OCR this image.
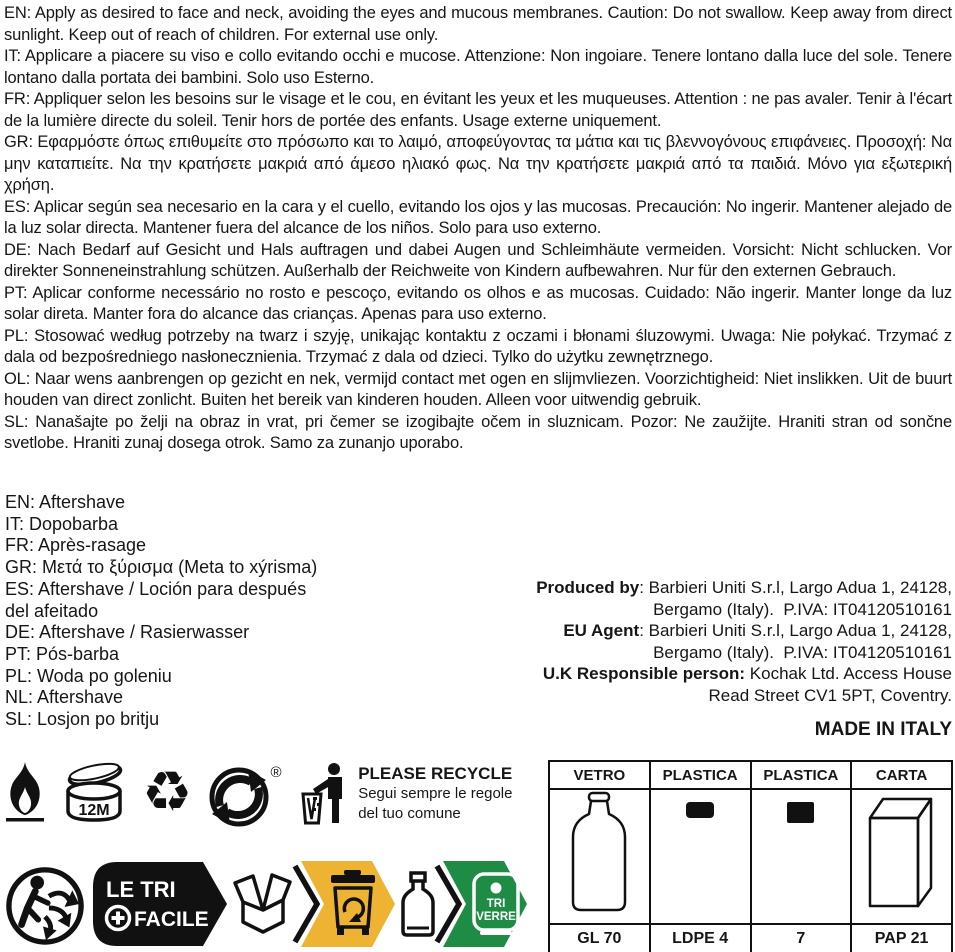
EN: Apply as desired to face and neck, avoiding the eyes and mucous membranes. Caution: Do not swallow. Keep away from direct sunlight. Keep out of reach of children. For external use only.

IT: Applicare a piacere su viso e collo evitando occhi e mucose. Attenzione: Non ingoiare. Tenere lontano dalla luce del sole. Tenere lontano dalla portata dei bambini. Solo uso Esterno.

FR: Appliquer selon les besoins sur le visage et le cou, en évitant les yeux et les muqueuses. Attention : ne pas avaler. Tenir à l'écart de la lumière directe du soleil. Tenir hors de portée des enfants. Usage externe uniquement.

GR: Εφαρμόστε όπως επιθυμείτε στο πρόσωπο και το λαιμό, αποφεύγοντας τα μάτια και τις βλεννογόνους επιφάνειες. Προσοχή: Να μην καταπιείτε. Να την κρατήσετε μακριά από άμεσο ηλιακό φως. Να την κρατήσετε μακριά από τα παιδιά. Μόνο για εξωτερική χρήση.

ES: Aplicar según sea necesario en la cara y el cuello, evitando los ojos y las mucosas. Precaución: No ingerir. Mantener alejado de la luz solar directa. Mantener fuera del alcance de los niños. Solo para uso externo.

DE: Nach Bedarf auf Gesicht und Hals auftragen und dabei Augen und Schleimhäute vermeiden. Vorsicht: Nicht schlucken. Vor direkter Sonneneinstrahlung schützen. Außerhalb der Reichweite von Kindern aufbewahren. Nur für den externen Gebrauch.

PT: Aplicar conforme necessário no rosto e pescoço, evitando os olhos e as mucosas. Cuidado: Não ingerir. Manter longe da luz solar direta. Manter fora do alcance das crianças. Apenas para uso externo.

PL: Stosować według potrzeby na twarz i szyję, unikając kontaktu z oczami i błonami śluzowymi. Uwaga: Nie połykać. Trzymać z dala od bezpośredniego nasłonecznienia. Trzymać z dala od dzieci. Tylko do użytku zewnętrznego.

OL: Naar wens aanbrengen op gezicht en nek, vermijd contact met ogen en slijmvliezen. Voorzichtigheid: Niet inslikken. Uit de buurt houden van direct zonlicht. Buiten het bereik van kinderen houden. Alleen voor uitwendig gebruik.

SL: Nanašajte po želji na obraz in vrat, pri čemer se izogibajte očem in sluznicam. Pozor: Ne zaužijte. Hraniti stran od sončne svetlobe. Hraniti zunaj dosega otrok. Samo za zunanjo uporabo.

EN: Aftershave
IT: Dopobarba
FR: Après-rasage
GR: Μετά το ξύρισμα (Meta to xýrisma)
ES: Aftershave / Loción para después del afeitado
DE: Aftershave / Rasierwasser
PT: Pós-barba
PL: Woda po goleniu
NL: Aftershave
SL: Losjon po britju
Produced by: Barbieri Uniti S.r.l, Largo Adua 1, 24128, Bergamo (Italy).  P.IVA: IT04120510161
EU Agent: Barbieri Uniti S.r.l, Largo Adua 1, 24128, Bergamo (Italy).  P.IVA: IT04120510161
U.K Responsible person: Kochak Ltd. Access House Read Street CV1 5PT, Coventry.
MADE IN ITALY
12M ♻	®	PLEASE RECYCLE
Segui sempre le regole del tuo comune
LE TRI
FACILE
TRI
VERRE
VETRO	PLASTICA	PLASTICA	CARTA

GL 70	LDPE 4	7	PAP 21
